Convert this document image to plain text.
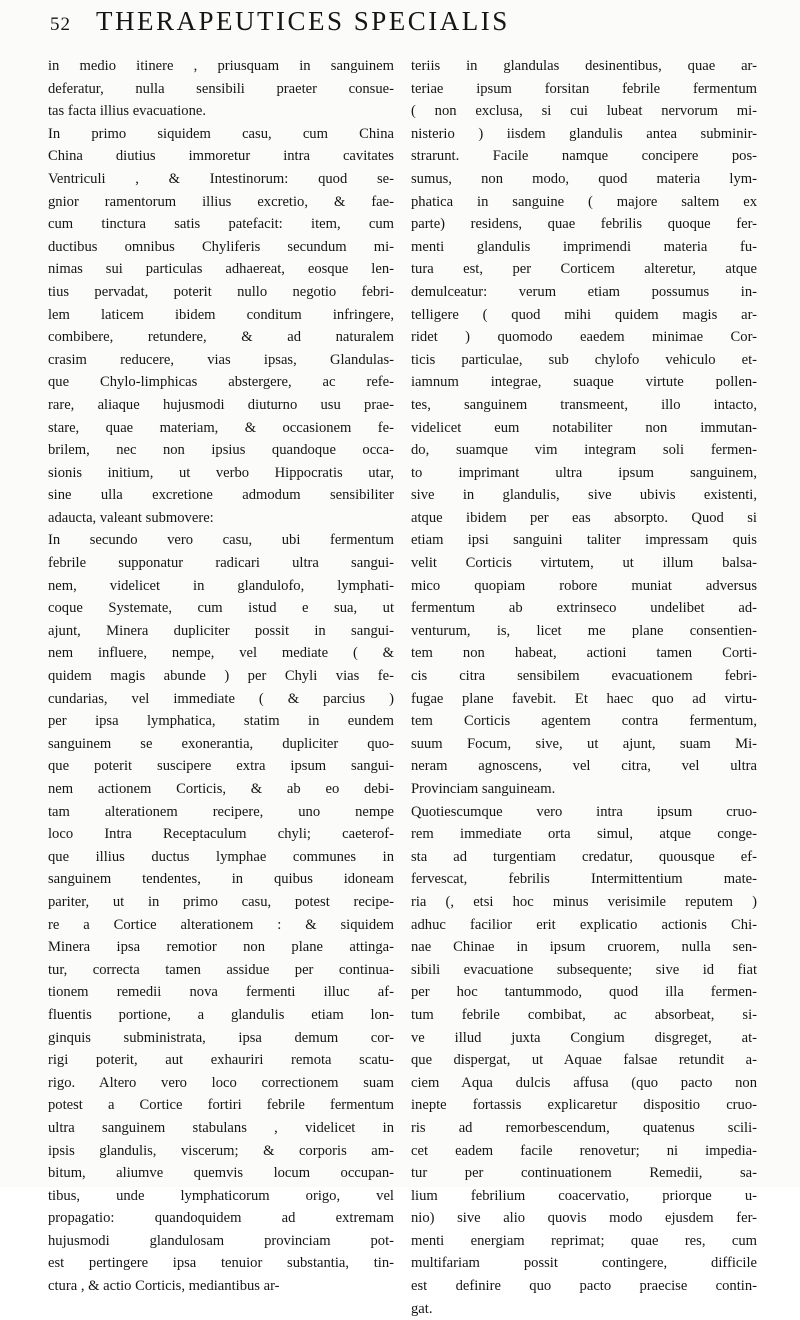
52 THERAPEUTICES SPECIALIS
in medio itinere , priusquam in sanguinem
deferatur, nulla sensibili praeter consue-
tas facta illius evacuatione.
In primo siquidem casu, cum China
China diutius immoretur intra cavitates
Ventriculi , & Intestinorum: quod se-
gnior ramentorum illius excretio, & fae-
cum tinctura satis patefacit: item, cum
ductibus omnibus Chyliferis secundum mi-
nimas sui particulas adhaereat, eosque len-
tius pervadat, poterit nullo negotio febri-
lem laticem ibidem conditum infringere,
combibere, retundere, & ad naturalem
crasim reducere, vias ipsas, Glandulas-
que Chylo-limphicas abstergere, ac refe-
rare, aliaque hujusmodi diuturno usu prae-
stare, quae materiam, & occasionem fe-
brilem, nec non ipsius quandoque occa-
sionis initium, ut verbo Hippocratis utar,
sine ulla excretione admodum sensibiliter
adaucta, valeant submovere:
In secundo vero casu, ubi fermentum
febrile supponatur radicari ultra sangui-
nem, videlicet in glandulofo, lymphati-
coque Systemate, cum istud e sua, ut
ajunt, Minera dupliciter possit in sangui-
nem influere, nempe, vel mediate ( &
quidem magis abunde ) per Chyli vias fe-
cundarias, vel immediate ( & parcius )
per ipsa lymphatica, statim in eundem
sanguinem se exonerantia, dupliciter quo-
que poterit suscipere extra ipsum sangui-
nem actionem Corticis, & ab eo debi-
tam alterationem recipere, uno nempe
loco Intra Receptaculum chyli; caeterof-
que illius ductus lymphae communes in
sanguinem tendentes, in quibus idoneam
pariter, ut in primo casu, potest recipe-
re a Cortice alterationem : & siquidem
Minera ipsa remotior non plane attinga-
tur, correcta tamen assidue per continua-
tionem remedii nova fermenti illuc af-
fluentis portione, a glandulis etiam lon-
ginquis subministrata, ipsa demum cor-
rigi poterit, aut exhauriri remota scatu-
rigo. Altero vero loco correctionem suam
potest a Cortice fortiri febrile fermentum
ultra sanguinem stabulans , videlicet in
ipsis glandulis, viscerum; & corporis am-
bitum, aliumve quemvis locum occupan-
tibus, unde lymphaticorum origo, vel
propagatio: quandoquidem ad extremam
hujusmodi glandulosam provinciam pot-
est pertingere ipsa tenuior substantia, tin-
ctura , & actio Corticis, mediantibus ar-
teriis in glandulas desinentibus, quae ar-
teriae ipsum forsitan febrile fermentum
( non exclusa, si cui lubeat nervorum mi-
nisterio ) iisdem glandulis antea subminir-
strarunt. Facile namque concipere pos-
sumus, non modo, quod materia lym-
phatica in sanguine ( majore saltem ex
parte) residens, quae febrilis quoque fer-
menti glandulis imprimendi materia fu-
tura est, per Corticem alteretur, atque
demulceatur: verum etiam possumus in-
telligere ( quod mihi quidem magis ar-
ridet ) quomodo eaedem minimae Cor-
ticis particulae, sub chylofo vehiculo et-
iamnum integrae, suaque virtute pollen-
tes, sanguinem transmeent, illo intacto,
videlicet eum notabiliter non immutan-
do, suamque vim integram soli fermen-
to imprimant ultra ipsum sanguinem,
sive in glandulis, sive ubivis existenti,
atque ibidem per eas absorpto. Quod si
etiam ipsi sanguini taliter impressam quis
velit Corticis virtutem, ut illum balsa-
mico quopiam robore muniat adversus
fermentum ab extrinseco undelibet ad-
venturum, is, licet me plane consentien-
tem non habeat, actioni tamen Corti-
cis citra sensibilem evacuationem febri-
fugae plane favebit. Et haec quo ad virtu-
tem Corticis agentem contra fermentum,
suum Focum, sive, ut ajunt, suam Mi-
neram agnoscens, vel citra, vel ultra
Provinciam sanguineam.
Quotiescumque vero intra ipsum cruo-
rem immediate orta simul, atque conge-
sta ad turgentiam credatur, quousque ef-
fervescat, febrilis Intermittentium mate-
ria (, etsi hoc minus verisimile reputem )
adhuc facilior erit explicatio actionis Chi-
nae Chinae in ipsum cruorem, nulla sen-
sibili evacuatione subsequente; sive id fiat
per hoc tantummodo, quod illa fermen-
tum febrile combibat, ac absorbeat, si-
ve illud juxta Congium disgreget, at-
que dispergat, ut Aquae falsae retundit a-
ciem Aqua dulcis affusa (quo pacto non
inepte fortassis explicaretur dispositio cruo-
ris ad remorbescendum, quatenus scili-
cet eadem facile renovetur; ni impedia-
tur per continuationem Remedii, sa-
lium febrilium coacervatio, priorque u-
nio) sive alio quovis modo ejusdem fer-
menti energiam reprimat; quae res, cum
multifariam possit contingere, difficile
est definire quo pacto praecise contin-
gat.
